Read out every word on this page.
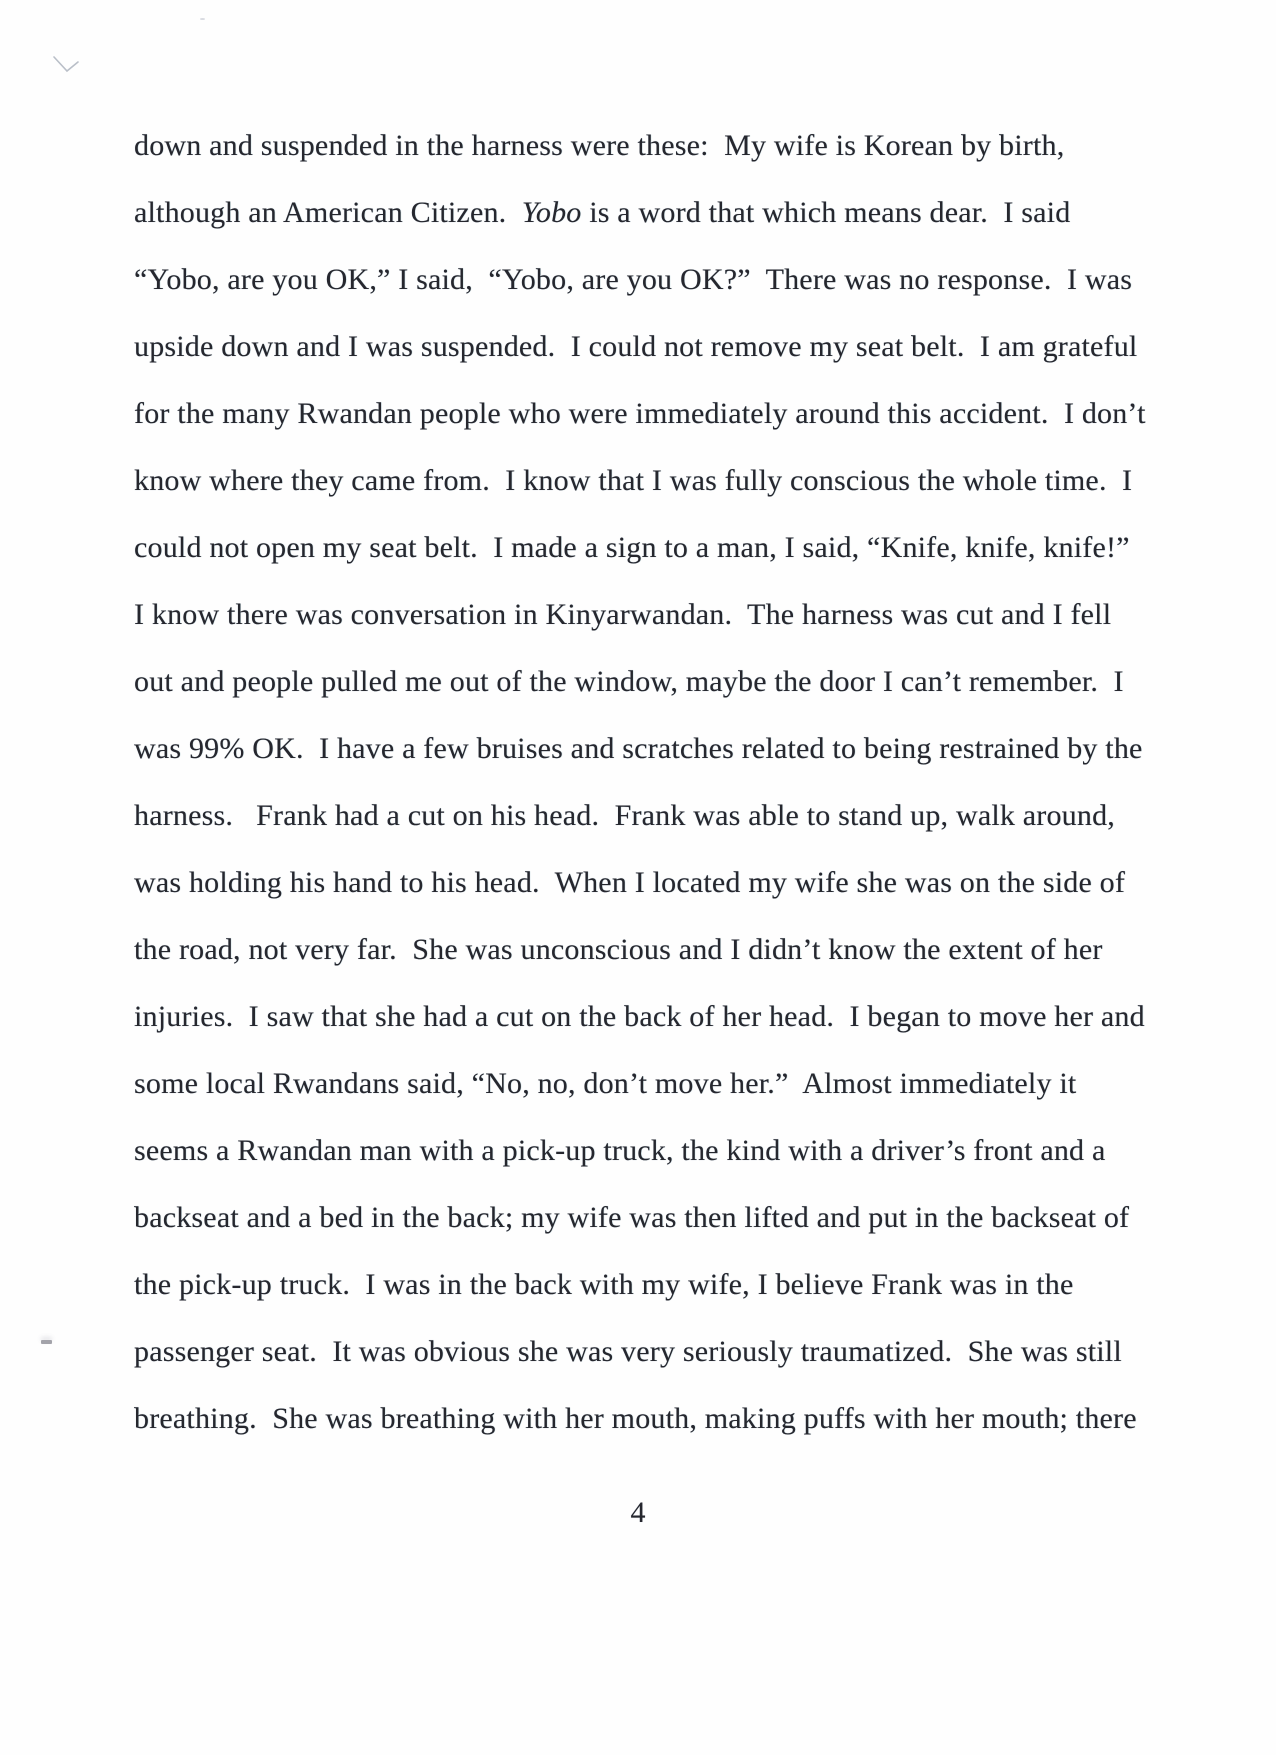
down and suspended in the harness were these:  My wife is Korean by birth,
although an American Citizen.  Yobo is a word that which means dear.  I said
“Yobo, are you OK,” I said,  “Yobo, are you OK?”  There was no response.  I was
upside down and I was suspended.  I could not remove my seat belt.  I am grateful
for the many Rwandan people who were immediately around this accident.  I don’t
know where they came from.  I know that I was fully conscious the whole time.  I
could not open my seat belt.  I made a sign to a man, I said, “Knife, knife, knife!”
I know there was conversation in Kinyarwandan.  The harness was cut and I fell
out and people pulled me out of the window, maybe the door I can’t remember.  I
was 99% OK.  I have a few bruises and scratches related to being restrained by the
harness.   Frank had a cut on his head.  Frank was able to stand up, walk around,
was holding his hand to his head.  When I located my wife she was on the side of
the road, not very far.  She was unconscious and I didn’t know the extent of her
injuries.  I saw that she had a cut on the back of her head.  I began to move her and
some local Rwandans said, “No, no, don’t move her.”  Almost immediately it
seems a Rwandan man with a pick-up truck, the kind with a driver’s front and a
backseat and a bed in the back; my wife was then lifted and put in the backseat of
the pick-up truck.  I was in the back with my wife, I believe Frank was in the
passenger seat.  It was obvious she was very seriously traumatized.  She was still
breathing.  She was breathing with her mouth, making puffs with her mouth; there
4
